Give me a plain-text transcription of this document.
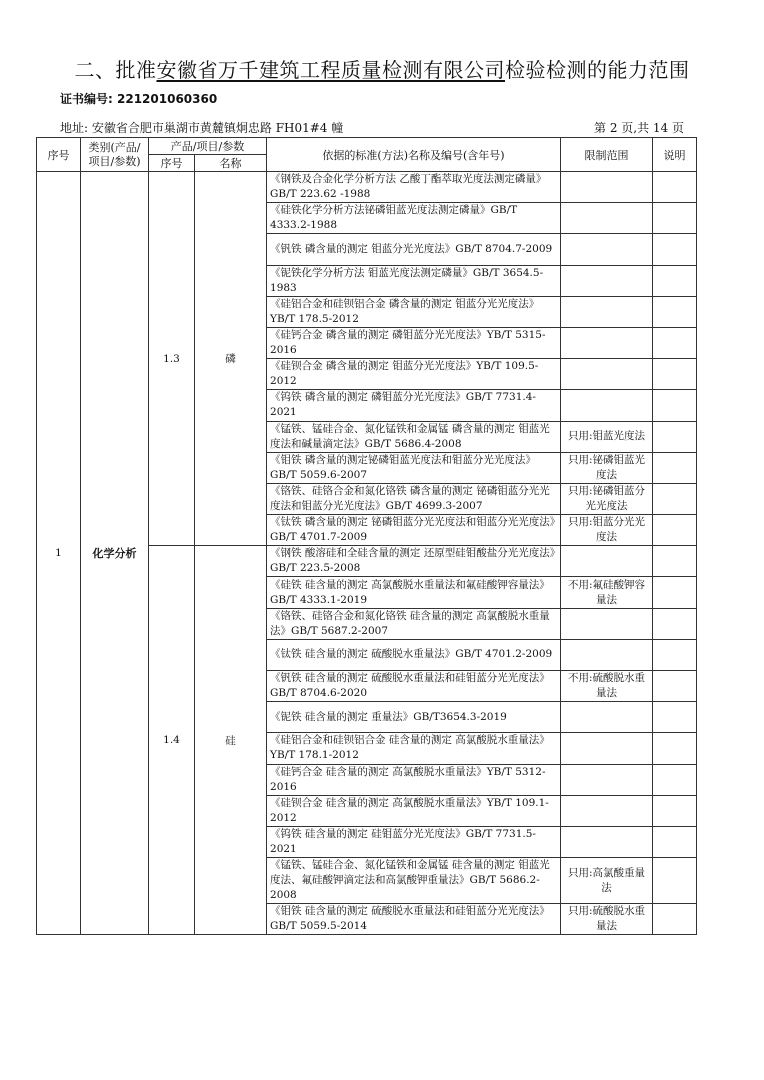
二、批准安徽省万千建筑工程质量检测有限公司检验检测的能力范围
证书编号: 221201060360
地址: 安徽省合肥市巢湖市黄麓镇炯忠路 FH01#4 幢	第 2 页,共 14 页
序号	类别(产品/项目/参数)	产品/项目/参数		依据的标准(方法)名称及编号(含年号)	限制范围	说明
		序号	名称			
1	化学分析	1.3	磷	《钢铁及合金化学分析方法 乙酸丁酯萃取光度法测定磷量》GB/T 223.62 -1988		
				《硅铁化学分析方法铋磷钼蓝光度法测定磷量》GB/T 4333.2-1988		
				《钒铁 磷含量的测定 钼蓝分光光度法》GB/T 8704.7-2009		
				《铌铁化学分析方法 钼蓝光度法测定磷量》GB/T 3654.5-1983		
				《硅铝合金和硅钡铝合金 磷含量的测定 钼蓝分光光度法》YB/T 178.5-2012		
				《硅钙合金 磷含量的测定 磷钼蓝分光光度法》YB/T 5315-2016		
				《硅钡合金 磷含量的测定 钼蓝分光光度法》YB/T 109.5-2012		
				《钨铁 磷含量的测定 磷钼蓝分光光度法》GB/T 7731.4-2021		
				《锰铁、锰硅合金、氮化锰铁和金属锰 磷含量的测定 钼蓝光度法和碱量滴定法》GB/T 5686.4-2008	只用:钼蓝光度法	
				《钼铁 磷含量的测定铋磷钼蓝光度法和钼蓝分光光度法》GB/T 5059.6-2007	只用:铋磷钼蓝光度法	
				《铬铁、硅铬合金和氮化铬铁 磷含量的测定 铋磷钼蓝分光光度法和钼蓝分光光度法》GB/T 4699.3-2007	只用:铋磷钼蓝分光光度法	
				《钛铁 磷含量的测定 铋磷钼蓝分光光度法和钼蓝分光光度法》GB/T 4701.7-2009	只用:钼蓝分光光度法	
		1.4	硅	《钢铁 酸溶硅和全硅含量的测定 还原型硅钼酸盐分光光度法》GB/T 223.5-2008		
				《硅铁 硅含量的测定 高氯酸脱水重量法和氟硅酸钾容量法》GB/T 4333.1-2019	不用:氟硅酸钾容量法	
				《铬铁、硅铬合金和氮化铬铁 硅含量的测定 高氯酸脱水重量法》GB/T 5687.2-2007		
				《钛铁 硅含量的测定 硫酸脱水重量法》GB/T 4701.2-2009		
				《钒铁 硅含量的测定 硫酸脱水重量法和硅钼蓝分光光度法》GB/T 8704.6-2020	不用:硫酸脱水重量法	
				《铌铁 硅含量的测定 重量法》GB/T3654.3-2019		
				《硅铝合金和硅钡铝合金 硅含量的测定 高氯酸脱水重量法》YB/T 178.1-2012		
				《硅钙合金 硅含量的测定 高氯酸脱水重量法》YB/T 5312-2016		
				《硅钡合金 硅含量的测定 高氯酸脱水重量法》YB/T 109.1-2012		
				《钨铁 硅含量的测定 硅钼蓝分光光度法》GB/T 7731.5-2021		
				《锰铁、锰硅合金、氮化锰铁和金属锰 硅含量的测定 钼蓝光度法、氟硅酸钾滴定法和高氯酸钾重量法》GB/T 5686.2-2008	只用:高氯酸重量法	
				《钼铁 硅含量的测定 硫酸脱水重量法和硅钼蓝分光光度法》GB/T 5059.5-2014	只用:硫酸脱水重量法	
